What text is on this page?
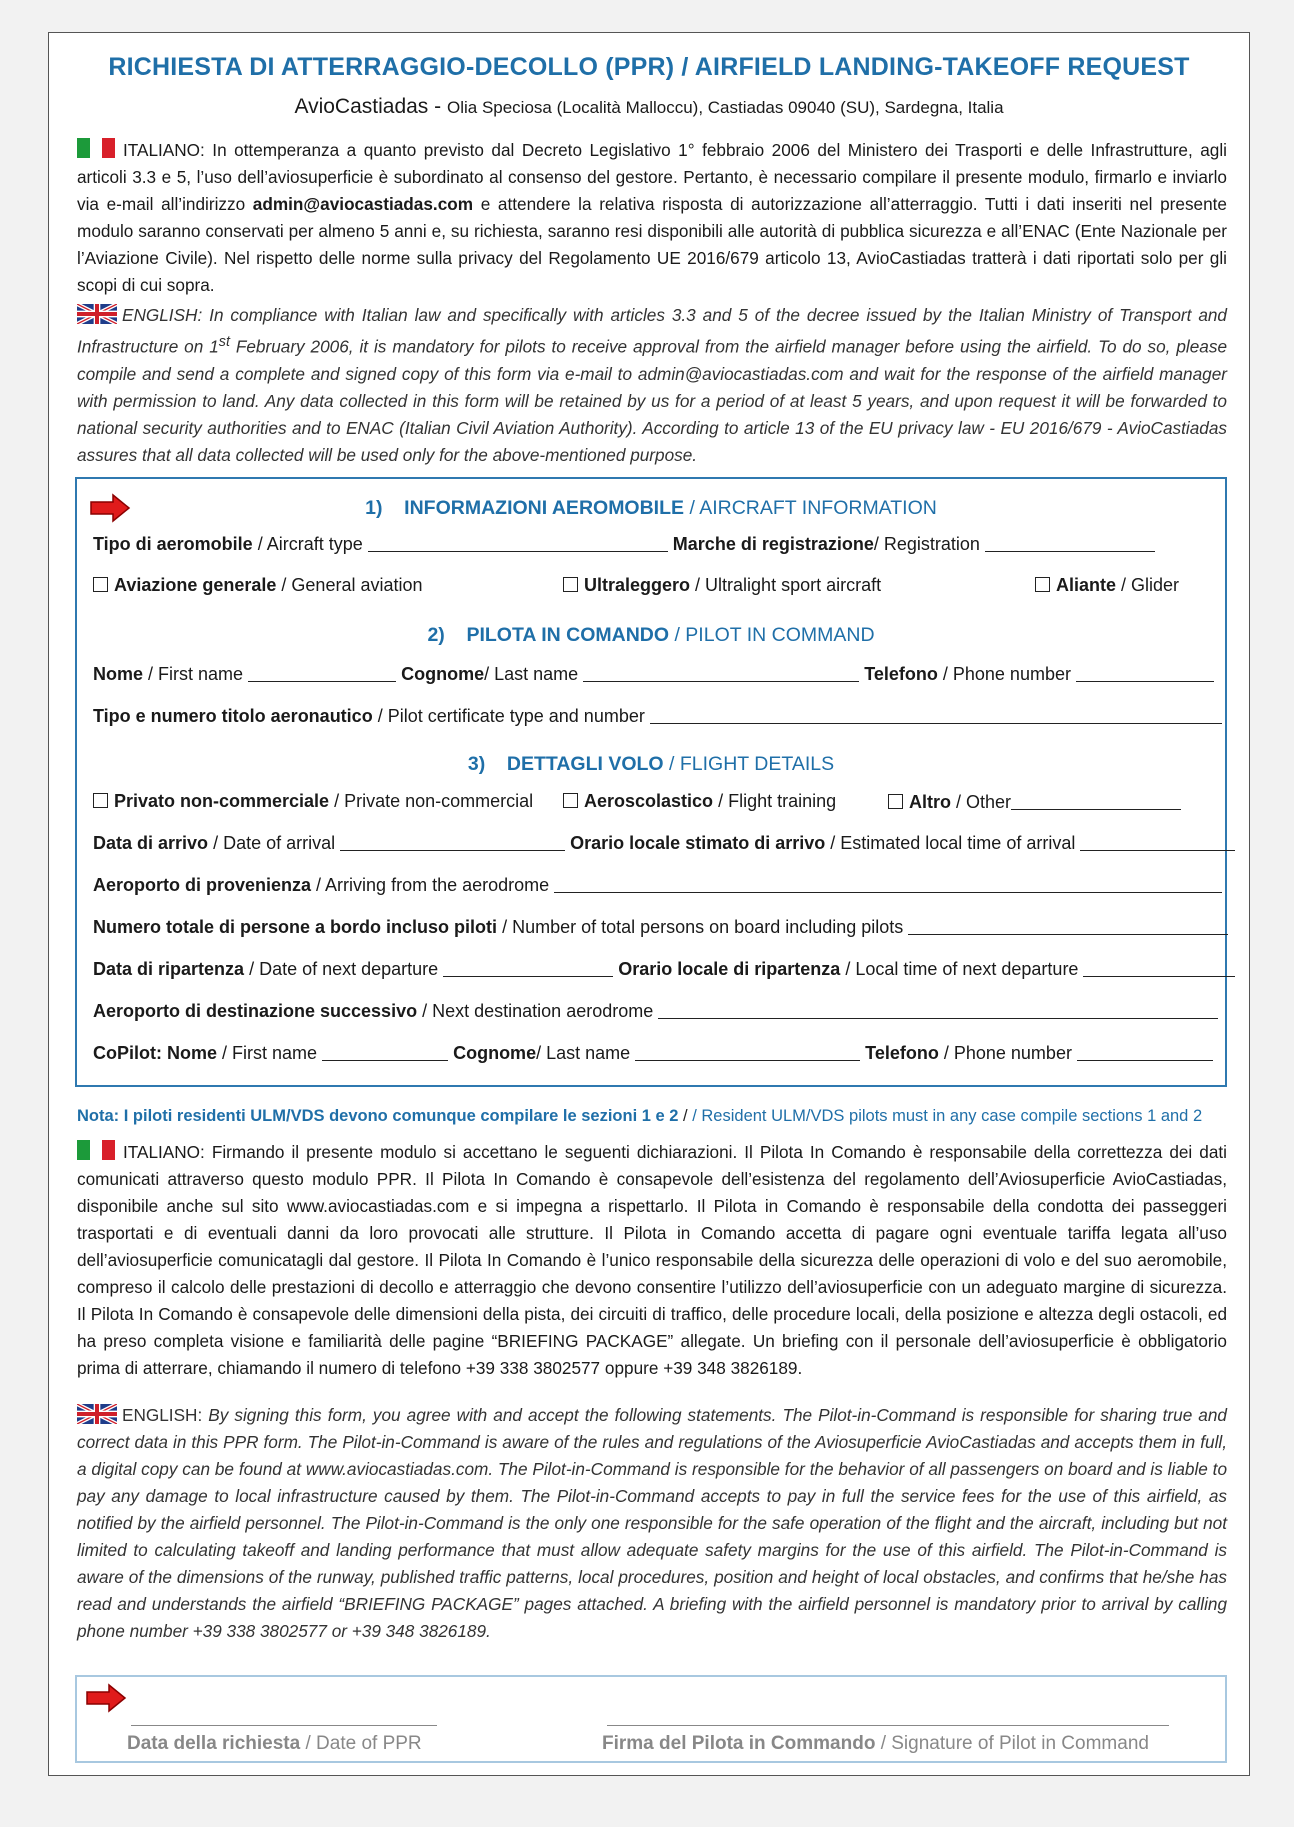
RICHIESTA DI ATTERRAGGIO-DECOLLO (PPR) / AIRFIELD LANDING-TAKEOFF REQUEST
AvioCastiadas - Olia Speciosa (Località Malloccu), Castiadas 09040 (SU), Sardegna, Italia
ITALIANO: In ottemperanza a quanto previsto dal Decreto Legislativo 1° febbraio 2006 del Ministero dei Trasporti e delle Infrastrutture, agli articoli 3.3 e 5, l’uso dell’aviosuperficie è subordinato al consenso del gestore. Pertanto, è necessario compilare il presente modulo, firmarlo e inviarlo via e-mail all’indirizzo admin@aviocastiadas.com e attendere la relativa risposta di autorizzazione all’atterraggio. Tutti i dati inseriti nel presente modulo saranno conservati per almeno 5 anni e, su richiesta, saranno resi disponibili alle autorità di pubblica sicurezza e all’ENAC (Ente Nazionale per l’Aviazione Civile). Nel rispetto delle norme sulla privacy del Regolamento UE 2016/679 articolo 13, AvioCastiadas tratterà i dati riportati solo per gli scopi di cui sopra.
ENGLISH: In compliance with Italian law and specifically with articles 3.3 and 5 of the decree issued by the Italian Ministry of Transport and Infrastructure on 1st February 2006, it is mandatory for pilots to receive approval from the airfield manager before using the airfield. To do so, please compile and send a complete and signed copy of this form via e-mail to admin@aviocastiadas.com and wait for the response of the airfield manager with permission to land. Any data collected in this form will be retained by us for a period of at least 5 years, and upon request it will be forwarded to national security authorities and to ENAC (Italian Civil Aviation Authority). According to article 13 of the EU privacy law - EU 2016/679 - AvioCastiadas assures that all data collected will be used only for the above-mentioned purpose.
1) INFORMAZIONI AEROMOBILE / AIRCRAFT INFORMATION
Tipo di aeromobile / Aircraft type	Marche di registrazione/ Registration
Aviazione generale / General aviation	Ultraleggero / Ultralight sport aircraft	Aliante / Glider
2) PILOTA IN COMANDO / PILOT IN COMMAND
Nome / First name	Cognome/ Last name	Telefono / Phone number
Tipo e numero titolo aeronautico / Pilot certificate type and number
3) DETTAGLI VOLO / FLIGHT DETAILS
Privato non-commerciale / Private non-commercial	Aeroscolastico / Flight training	Altro / Other
Data di arrivo / Date of arrival	Orario locale stimato di arrivo / Estimated local time of arrival
Aeroporto di provenienza / Arriving from the aerodrome
Numero totale di persone a bordo incluso piloti / Number of total persons on board including pilots
Data di ripartenza / Date of next departure	Orario locale di ripartenza / Local time of next departure
Aeroporto di destinazione successivo / Next destination aerodrome
CoPilot: Nome / First name	Cognome/ Last name	Telefono / Phone number
Nota: I piloti residenti ULM/VDS devono comunque compilare le sezioni 1 e 2 / / Resident ULM/VDS pilots must in any case compile sections 1 and 2
ITALIANO: Firmando il presente modulo si accettano le seguenti dichiarazioni. Il Pilota In Comando è responsabile della correttezza dei dati comunicati attraverso questo modulo PPR. Il Pilota In Comando è consapevole dell’esistenza del regolamento dell’Aviosuperficie AvioCastiadas, disponibile anche sul sito www.aviocastiadas.com e si impegna a rispettarlo. Il Pilota in Comando è responsabile della condotta dei passeggeri trasportati e di eventuali danni da loro provocati alle strutture. Il Pilota in Comando accetta di pagare ogni eventuale tariffa legata all’uso dell’aviosuperficie comunicatagli dal gestore. Il Pilota In Comando è l’unico responsabile della sicurezza delle operazioni di volo e del suo aeromobile, compreso il calcolo delle prestazioni di decollo e atterraggio che devono consentire l’utilizzo dell’aviosuperficie con un adeguato margine di sicurezza. Il Pilota In Comando è consapevole delle dimensioni della pista, dei circuiti di traffico, delle procedure locali, della posizione e altezza degli ostacoli, ed ha preso completa visione e familiarità delle pagine “BRIEFING PACKAGE” allegate. Un briefing con il personale dell’aviosuperficie è obbligatorio prima di atterrare, chiamando il numero di telefono +39 338 3802577 oppure +39 348 3826189.
ENGLISH: By signing this form, you agree with and accept the following statements. The Pilot-in-Command is responsible for sharing true and correct data in this PPR form. The Pilot-in-Command is aware of the rules and regulations of the Aviosuperficie AvioCastiadas and accepts them in full, a digital copy can be found at www.aviocastiadas.com. The Pilot-in-Command is responsible for the behavior of all passengers on board and is liable to pay any damage to local infrastructure caused by them. The Pilot-in-Command accepts to pay in full the service fees for the use of this airfield, as notified by the airfield personnel. The Pilot-in-Command is the only one responsible for the safe operation of the flight and the aircraft, including but not limited to calculating takeoff and landing performance that must allow adequate safety margins for the use of this airfield. The Pilot-in-Command is aware of the dimensions of the runway, published traffic patterns, local procedures, position and height of local obstacles, and confirms that he/she has read and understands the airfield “BRIEFING PACKAGE” pages attached. A briefing with the airfield personnel is mandatory prior to arrival by calling phone number +39 338 3802577 or +39 348 3826189.
Data della richiesta / Date of PPR	Firma del Pilota in Commando / Signature of Pilot in Command
